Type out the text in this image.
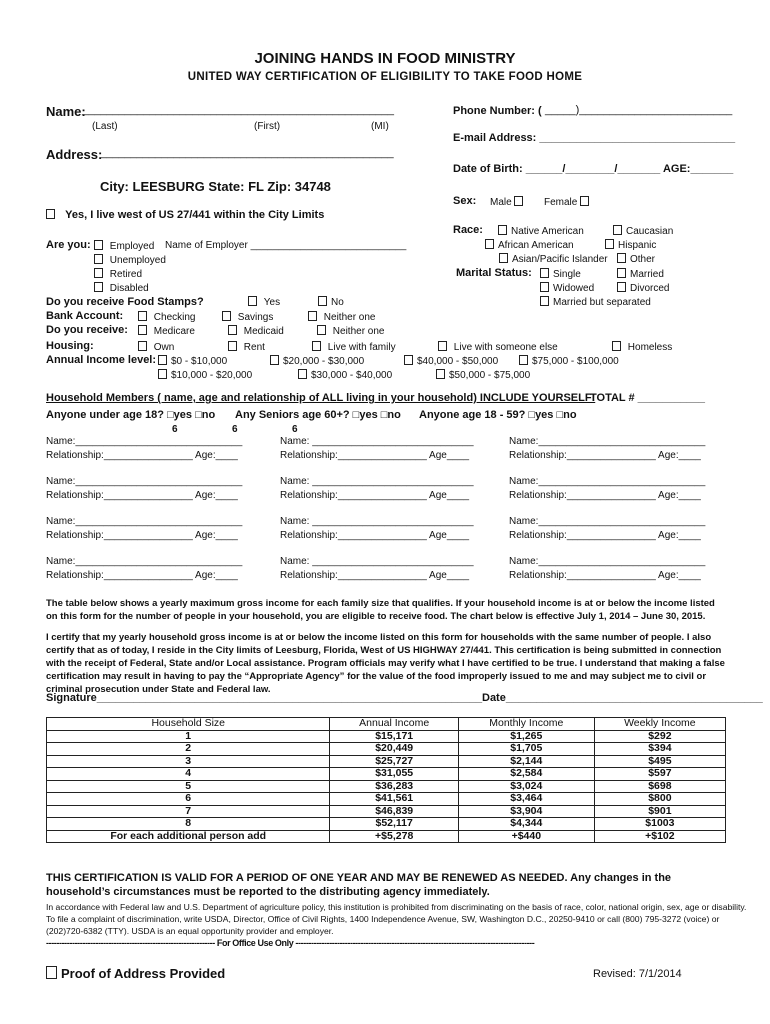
JOINING HANDS IN FOOD MINISTRY
UNITED WAY CERTIFICATION OF ELIGIBILITY TO TAKE FOOD HOME
Name:
___________________________________________________
(Last)	(First)	(MI)
Phone Number: ( _____)_________________________
E-mail Address: ________________________________
Address:
________________________________________________
Date of Birth: ______/________/_______ AGE:_______
City: LEESBURG State: FL Zip: 34748
Sex: Male	Female
Yes, I live west of US 27/441 within the City Limits
Race:	Native American	Caucasian
African American	Hispanic
Asian/Pacific Islander	Other
Marital Status:	Single	Married
Widowed	Divorced
Married but separated
Are you:	Employed Name of Employer ____________________________
Unemployed
Retired
Disabled
Do you receive Food Stamps?	Yes	No
Bank Account:	Checking	Savings	Neither one
Do you receive:	Medicare	Medicaid	Neither one
Housing:	Own	Rent	Live with family	Live with someone else	Homeless
Annual Income level:	$0 - $10,000	$20,000 - $30,000	$40,000 - $50,000	$75,000 - $100,000
$10,000 - $20,000	$30,000 - $40,000	$50,000 - $75,000
Household Members ( name, age and relationship of ALL living in your household) INCLUDE YOURSELF!
TOTAL # ___________
Anyone under age 18? □yes □no Any Seniors age 60+? □yes □no Anyone age 18 - 59? □yes □no
6	6	6
Name:______________________________
Relationship:________________ Age:____
Name: _____________________________
Relationship:________________ Age____
Name:______________________________
Relationship:________________ Age:____
Name:______________________________
Relationship:________________ Age:____
Name: _____________________________
Relationship:________________ Age____
Name:______________________________
Relationship:________________ Age:____
Name:______________________________
Relationship:________________ Age:____
Name: _____________________________
Relationship:________________ Age____
Name:______________________________
Relationship:________________ Age:____
Name:______________________________
Relationship:________________ Age:____
Name: _____________________________
Relationship:________________ Age____
Name:______________________________
Relationship:________________ Age:____
The table below shows a yearly maximum gross income for each family size that qualifies. If your household income is at or below the income listed on this form for the number of people in your household, you are eligible to receive food. The chart below is effective July 1, 2014 – June 30, 2015.
I certify that my yearly household gross income is at or below the income listed on this form for households with the same number of people. I also certify that as of today, I reside in the City limits of Leesburg, Florida, West of US HIGHWAY 27/441. This certification is being submitted in connection with the receipt of Federal, State and/or Local assistance. Program officials may verify what I have certified to be true. I understand that making a false certification may result in having to pay the “Appropriate Agency” for the value of the food improperly issued to me and may subject me to civil or criminal prosecution under State and Federal law.
Signature_______________________________________________________________ Date__________________________________________
Household Size	Annual Income	Monthly Income	Weekly Income
1	$15,171	$1,265	$292
2	$20,449	$1,705	$394
3	$25,727	$2,144	$495
4	$31,055	$2,584	$597
5	$36,283	$3,024	$698
6	$41,561	$3,464	$800
7	$46,839	$3,904	$901
8	$52,117	$4,344	$1003
For each additional person add	+$5,278	+$440	+$102
THIS CERTIFICATION IS VALID FOR A PERIOD OF ONE YEAR AND MAY BE RENEWED AS NEEDED. Any changes in the household’s circumstances must be reported to the distributing agency immediately.
In accordance with Federal law and U.S. Department of agriculture policy, this institution is prohibited from discriminating on the basis of race, color, national origin, sex, age or disability.
To file a complaint of discrimination, write USDA, Director, Office of Civil Rights, 1400 Independence Avenue, SW, Washington D.C., 20250-9410 or call (800) 795-3272 (voice) or
(202)720-6382 (TTY). USDA is an equal opportunity provider and employer.
----------------------------------------------------------------- For Office Use Only --------------------------------------------------------------------------------------------
Proof of Address Provided	Revised: 7/1/2014
